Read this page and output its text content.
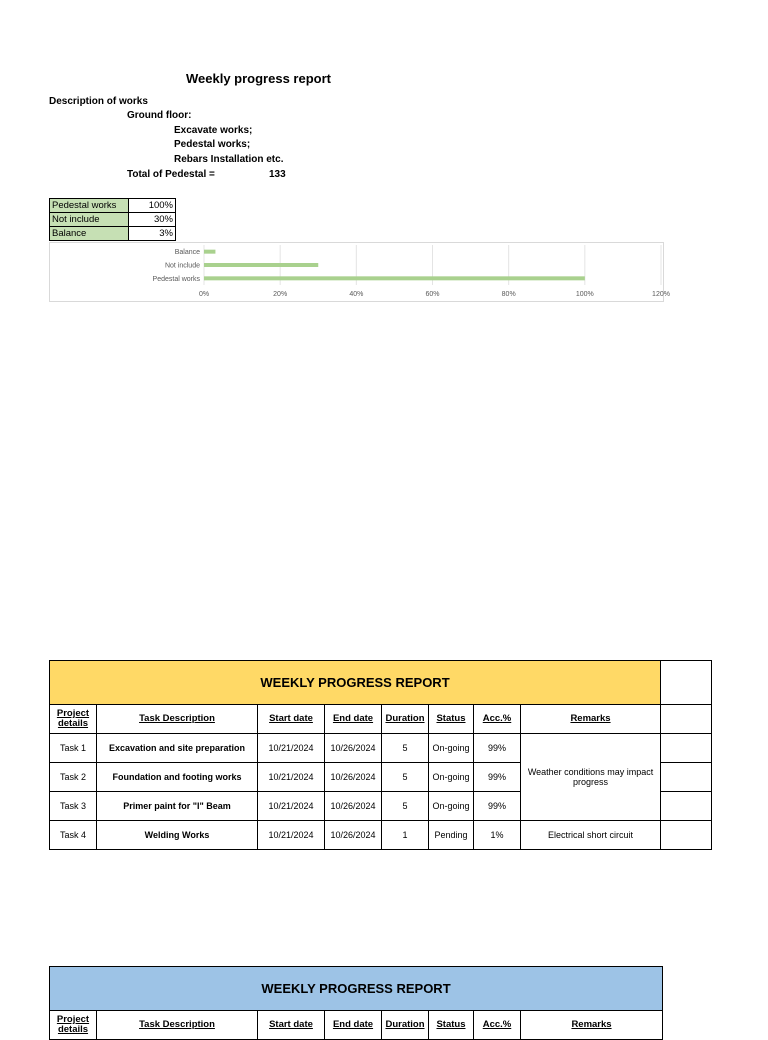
Weekly progress report
Description of works
Ground floor:
Excavate works;
Pedestal works;
Rebars Installation etc.
Total of Pedestal =	133
Pedestal works	100%
Not include	30%
Balance	3%
0%	20%	40%	60%	80%	100%	120%
Pedestal works
Not include
Balance
WEEKLY PROGRESS REPORT								
Project details	Task Description	Start date	End date	Duration	Status	Acc.%	Remarks	
Task 1	Excavation and site preparation	10/21/2024	10/26/2024	5	On-going	99%	Weather conditions may impact progress	
Task 2	Foundation and footing works	10/21/2024	10/26/2024	5	On-going	99%		
Task 3	Primer paint for "I" Beam	10/21/2024	10/26/2024	5	On-going	99%		
Task 4	Welding Works	10/21/2024	10/26/2024	1	Pending	1%	Electrical short circuit	
WEEKLY PROGRESS REPORT
Project details	Task Description	Start date	End date	Duration	Status	Acc.%	Remarks
